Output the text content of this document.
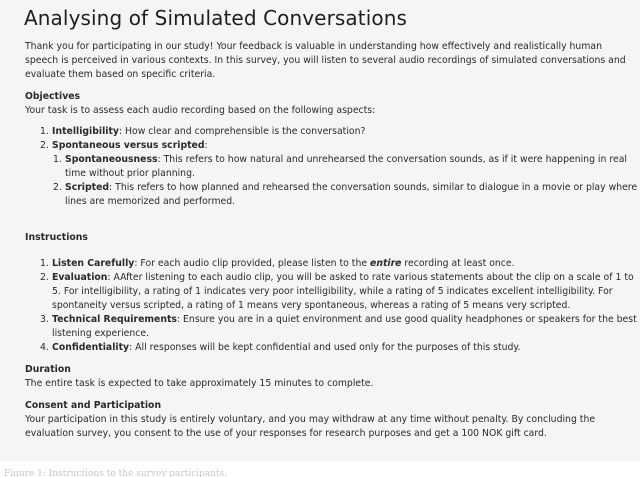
Analysing of Simulated Conversations

Thank you for participating in our study! Your feedback is valuable in understanding how effectively and realistically human speech is perceived in various contexts. In this survey, you will listen to several audio recordings of simulated conversations and evaluate them based on specific criteria.

Objectives

Your task is to assess each audio recording based on the following aspects:

1. Intelligibility: How clear and comprehensible is the conversation?
2. Spontaneous versus scripted:
1. Spontaneousness: This refers to how natural and unrehearsed the conversation sounds, as if it were happening in real time without prior planning.
2. Scripted: This refers to how planned and rehearsed the conversation sounds, similar to dialogue in a movie or play where lines are memorized and performed.
Instructions
1. Listen Carefully: For each audio clip provided, please listen to the entire recording at least once.
2. Evaluation: AAfter listening to each audio clip, you will be asked to rate various statements about the clip on a scale of 1 to 5. For intelligibility, a rating of 1 indicates very poor intelligibility, while a rating of 5 indicates excellent intelligibility. For spontaneity versus scripted, a rating of 1 means very spontaneous, whereas a rating of 5 means very scripted.
3. Technical Requirements: Ensure you are in a quiet environment and use good quality headphones or speakers for the best listening experience.
4. Confidentiality: All responses will be kept confidential and used only for the purposes of this study.
Duration

The entire task is expected to take approximately 15 minutes to complete.

Consent and Participation

Your participation in this study is entirely voluntary, and you may withdraw at any time without penalty. By concluding the evaluation survey, you consent to the use of your responses for research purposes and get a 100 NOK gift card.

Figure 1: Instructions to the survey participants.
